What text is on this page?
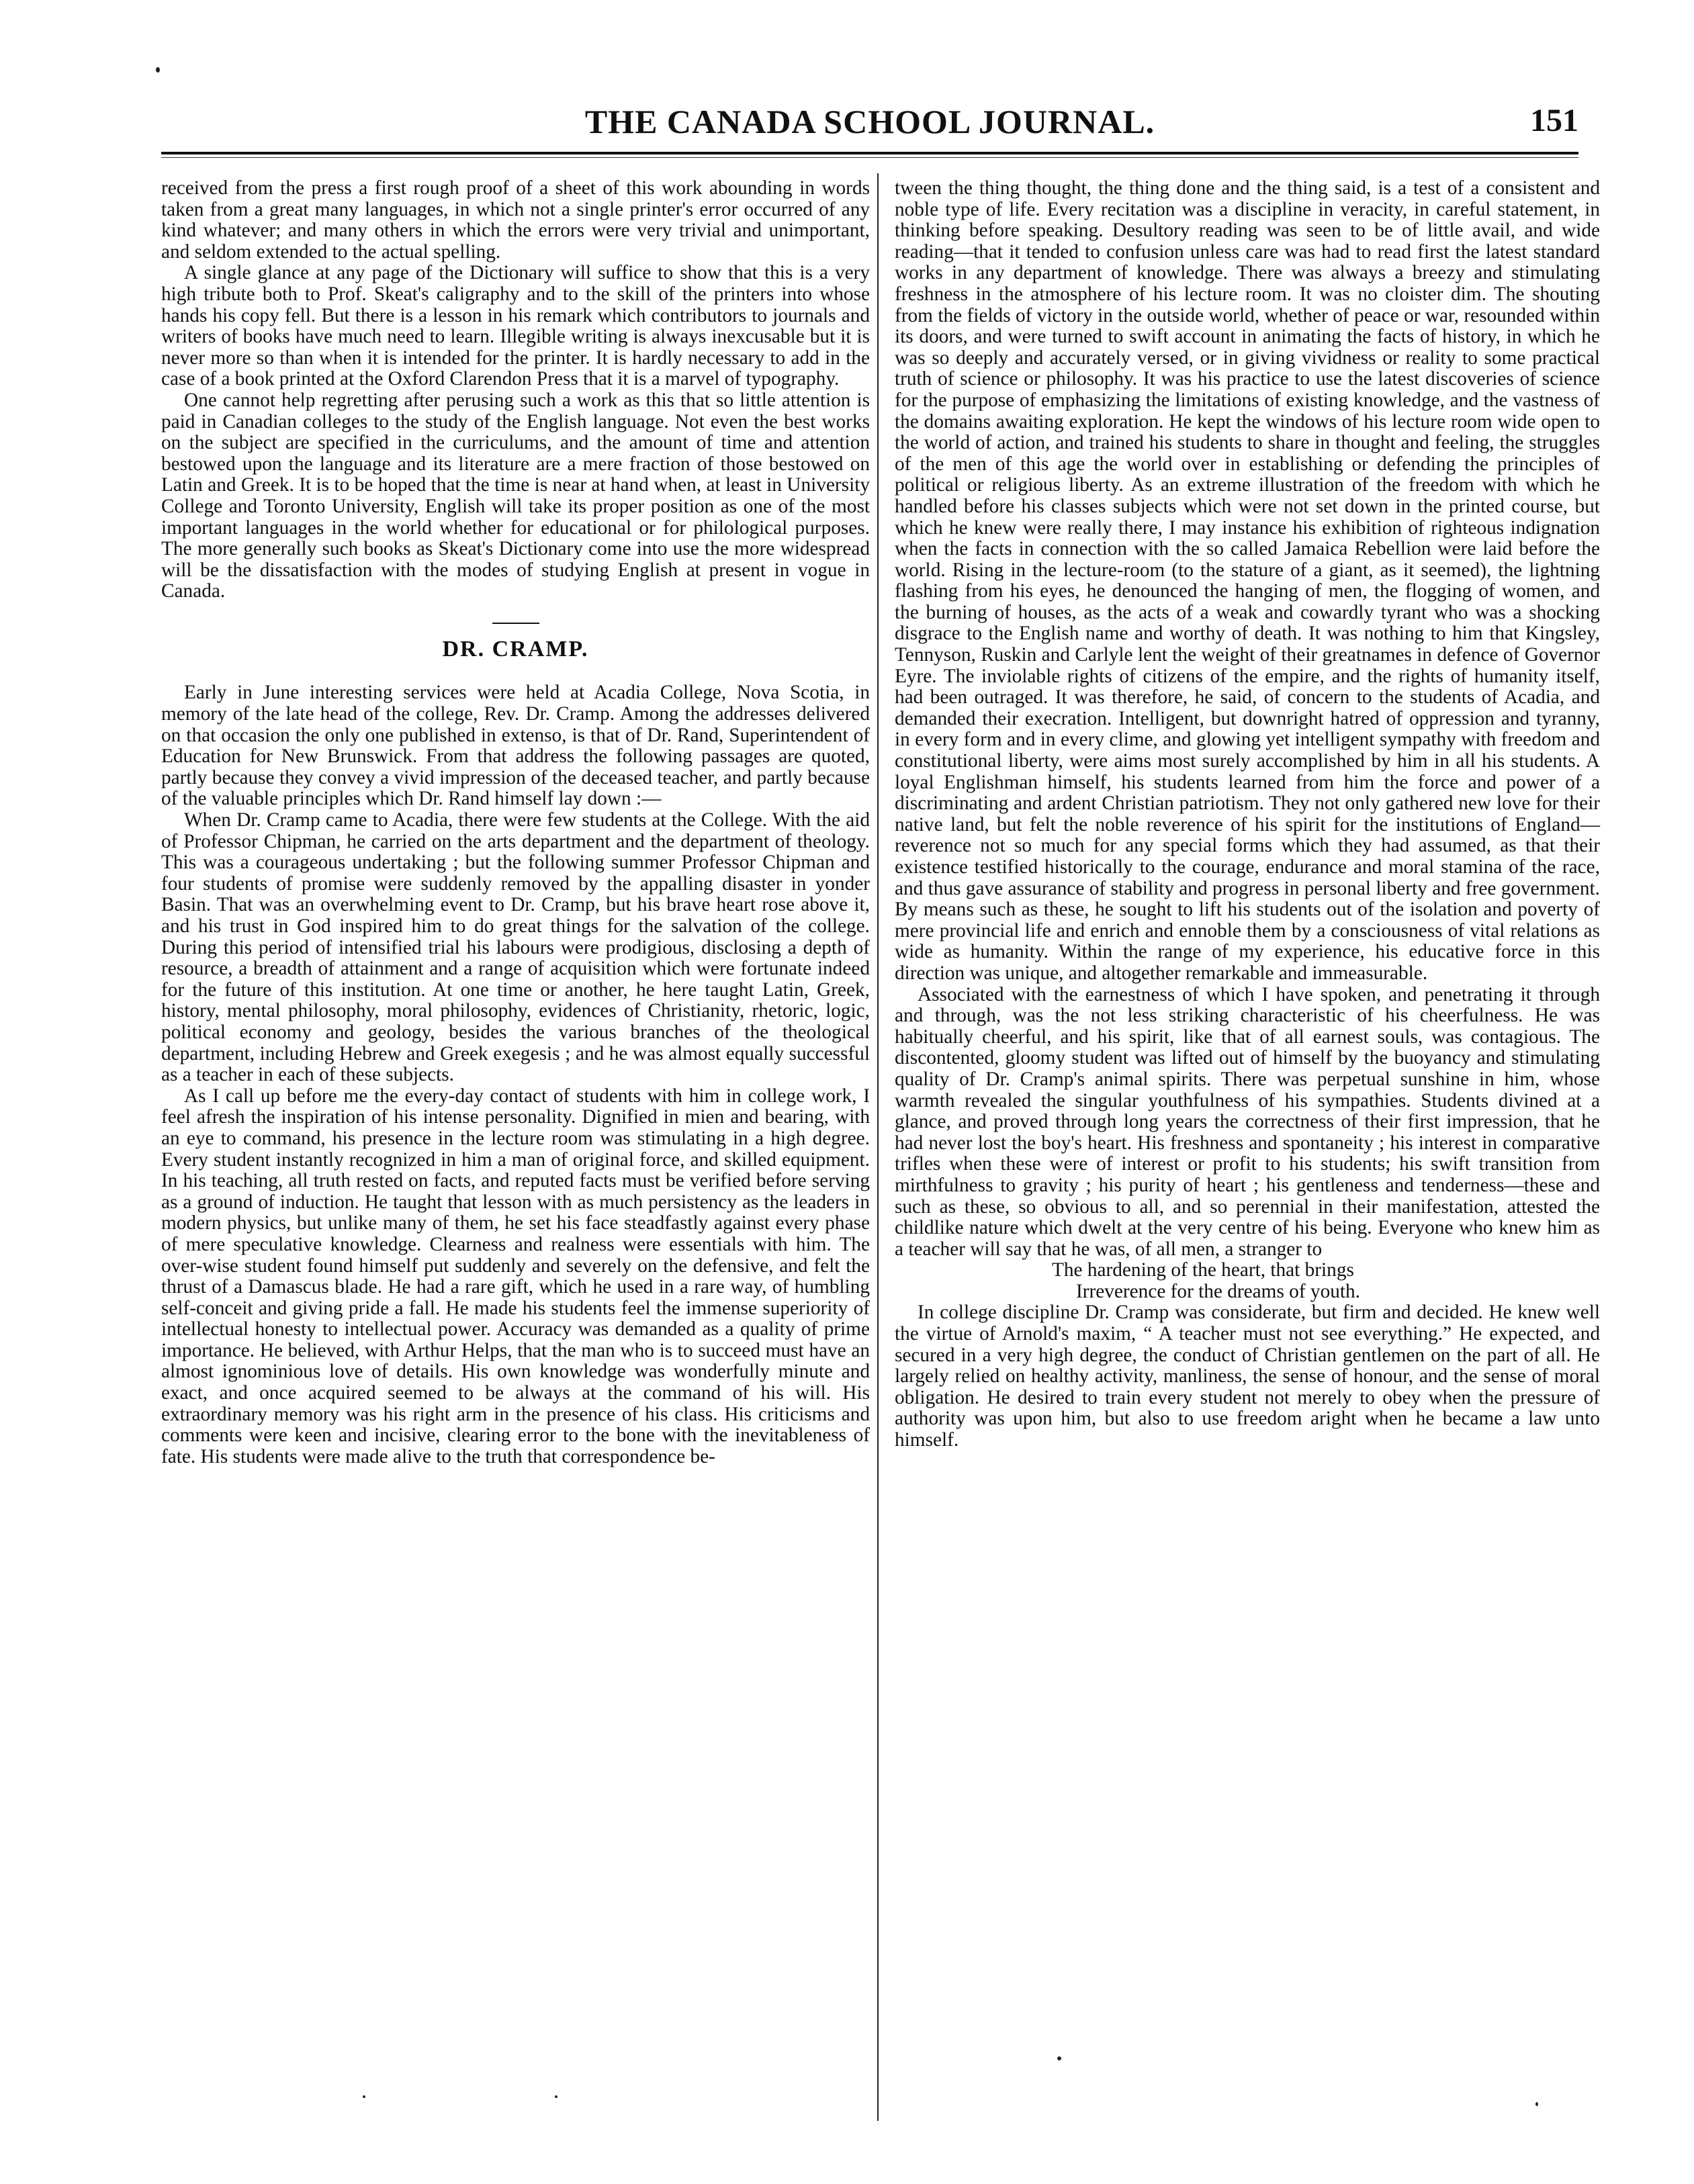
THE CANADA SCHOOL JOURNAL.	151

received from the press a first rough proof of a sheet of this work abounding in words taken from a great many languages, in which not a single printer's error occurred of any kind whatever; and many others in which the errors were very trivial and unimportant, and seldom extended to the actual spelling.

A single glance at any page of the Dictionary will suffice to show that this is a very high tribute both to Prof. Skeat's caligraphy and to the skill of the printers into whose hands his copy fell. But there is a lesson in his remark which contributors to journals and writers of books have much need to learn. Illegible writing is always inexcusable but it is never more so than when it is intended for the printer. It is hardly necessary to add in the case of a book printed at the Oxford Clarendon Press that it is a marvel of typography.

One cannot help regretting after perusing such a work as this that so little attention is paid in Canadian colleges to the study of the English language. Not even the best works on the subject are specified in the curriculums, and the amount of time and attention bestowed upon the language and its literature are a mere fraction of those bestowed on Latin and Greek. It is to be hoped that the time is near at hand when, at least in University College and Toronto University, English will take its proper position as one of the most important languages in the world whether for educational or for philological purposes. The more generally such books as Skeat's Dictionary come into use the more widespread will be the dissatisfaction with the modes of studying English at present in vogue in Canada.

DR. CRAMP.

Early in June interesting services were held at Acadia College, Nova Scotia, in memory of the late head of the college, Rev. Dr. Cramp. Among the addresses delivered on that occasion the only one published in extenso, is that of Dr. Rand, Superintendent of Education for New Brunswick. From that address the following passages are quoted, partly because they convey a vivid impression of the deceased teacher, and partly because of the valuable principles which Dr. Rand himself lay down :—

When Dr. Cramp came to Acadia, there were few students at the College. With the aid of Professor Chipman, he carried on the arts department and the department of theology. This was a courageous undertaking ; but the following summer Professor Chipman and four students of promise were suddenly removed by the appalling disaster in yonder Basin. That was an overwhelming event to Dr. Cramp, but his brave heart rose above it, and his trust in God inspired him to do great things for the salvation of the college. During this period of intensified trial his labours were prodigious, disclosing a depth of resource, a breadth of attainment and a range of acquisition which were fortunate indeed for the future of this institution. At one time or another, he here taught Latin, Greek, history, mental philosophy, moral philosophy, evidences of Christianity, rhetoric, logic, political economy and geology, besides the various branches of the theological department, including Hebrew and Greek exegesis ; and he was almost equally successful as a teacher in each of these subjects.

As I call up before me the every-day contact of students with him in college work, I feel afresh the inspiration of his intense personality. Dignified in mien and bearing, with an eye to command, his presence in the lecture room was stimulating in a high degree. Every student instantly recognized in him a man of original force, and skilled equipment. In his teaching, all truth rested on facts, and reputed facts must be verified before serving as a ground of induction. He taught that lesson with as much persistency as the leaders in modern physics, but unlike many of them, he set his face steadfastly against every phase of mere speculative knowledge. Clearness and realness were essentials with him. The over-wise student found himself put suddenly and severely on the defensive, and felt the thrust of a Damascus blade. He had a rare gift, which he used in a rare way, of humbling self-conceit and giving pride a fall. He made his students feel the immense superiority of intellectual honesty to intellectual power. Accuracy was demanded as a quality of prime importance. He believed, with Arthur Helps, that the man who is to succeed must have an almost ignominious love of details. His own knowledge was wonderfully minute and exact, and once acquired seemed to be always at the command of his will. His extraordinary memory was his right arm in the presence of his class. His criticisms and comments were keen and incisive, clearing error to the bone with the inevitableness of fate. His students were made alive to the truth that correspondence be-

tween the thing thought, the thing done and the thing said, is a test of a consistent and noble type of life. Every recitation was a discipline in veracity, in careful statement, in thinking before speaking. Desultory reading was seen to be of little avail, and wide reading—that it tended to confusion unless care was had to read first the latest standard works in any department of knowledge. There was always a breezy and stimulating freshness in the atmosphere of his lecture room. It was no cloister dim. The shouting from the fields of victory in the outside world, whether of peace or war, resounded within its doors, and were turned to swift account in animating the facts of history, in which he was so deeply and accurately versed, or in giving vividness or reality to some practical truth of science or philosophy. It was his practice to use the latest discoveries of science for the purpose of emphasizing the limitations of existing knowledge, and the vastness of the domains awaiting exploration. He kept the windows of his lecture room wide open to the world of action, and trained his students to share in thought and feeling, the struggles of the men of this age the world over in establishing or defending the principles of political or religious liberty. As an extreme illustration of the freedom with which he handled before his classes subjects which were not set down in the printed course, but which he knew were really there, I may instance his exhibition of righteous indignation when the facts in connection with the so called Jamaica Rebellion were laid before the world. Rising in the lecture-room (to the stature of a giant, as it seemed), the lightning flashing from his eyes, he denounced the hanging of men, the flogging of women, and the burning of houses, as the acts of a weak and cowardly tyrant who was a shocking disgrace to the English name and worthy of death. It was nothing to him that Kingsley, Tennyson, Ruskin and Carlyle lent the weight of their greatnames in defence of Governor Eyre. The inviolable rights of citizens of the empire, and the rights of humanity itself, had been outraged. It was therefore, he said, of concern to the students of Acadia, and demanded their execration. Intelligent, but downright hatred of oppression and tyranny, in every form and in every clime, and glowing yet intelligent sympathy with freedom and constitutional liberty, were aims most surely accomplished by him in all his students. A loyal Englishman himself, his students learned from him the force and power of a discriminating and ardent Christian patriotism. They not only gathered new love for their native land, but felt the noble reverence of his spirit for the institutions of England—reverence not so much for any special forms which they had assumed, as that their existence testified historically to the courage, endurance and moral stamina of the race, and thus gave assurance of stability and progress in personal liberty and free government. By means such as these, he sought to lift his students out of the isolation and poverty of mere provincial life and enrich and ennoble them by a consciousness of vital relations as wide as humanity. Within the range of my experience, his educative force in this direction was unique, and altogether remarkable and immeasurable.

Associated with the earnestness of which I have spoken, and penetrating it through and through, was the not less striking characteristic of his cheerfulness. He was habitually cheerful, and his spirit, like that of all earnest souls, was contagious. The discontented, gloomy student was lifted out of himself by the buoyancy and stimulating quality of Dr. Cramp's animal spirits. There was perpetual sunshine in him, whose warmth revealed the singular youthfulness of his sympathies. Students divined at a glance, and proved through long years the correctness of their first impression, that he had never lost the boy's heart. His freshness and spontaneity ; his interest in comparative trifles when these were of interest or profit to his students; his swift transition from mirthfulness to gravity ; his purity of heart ; his gentleness and tenderness—these and such as these, so obvious to all, and so perennial in their manifestation, attested the childlike nature which dwelt at the very centre of his being. Everyone who knew him as a teacher will say that he was, of all men, a stranger to

The hardening of the heart, that brings

Irreverence for the dreams of youth.

In college discipline Dr. Cramp was considerate, but firm and decided. He knew well the virtue of Arnold's maxim, “ A teacher must not see everything.” He expected, and secured in a very high degree, the conduct of Christian gentlemen on the part of all. He largely relied on healthy activity, manliness, the sense of honour, and the sense of moral obligation. He desired to train every student not merely to obey when the pressure of authority was upon him, but also to use freedom aright when he became a law unto himself.
